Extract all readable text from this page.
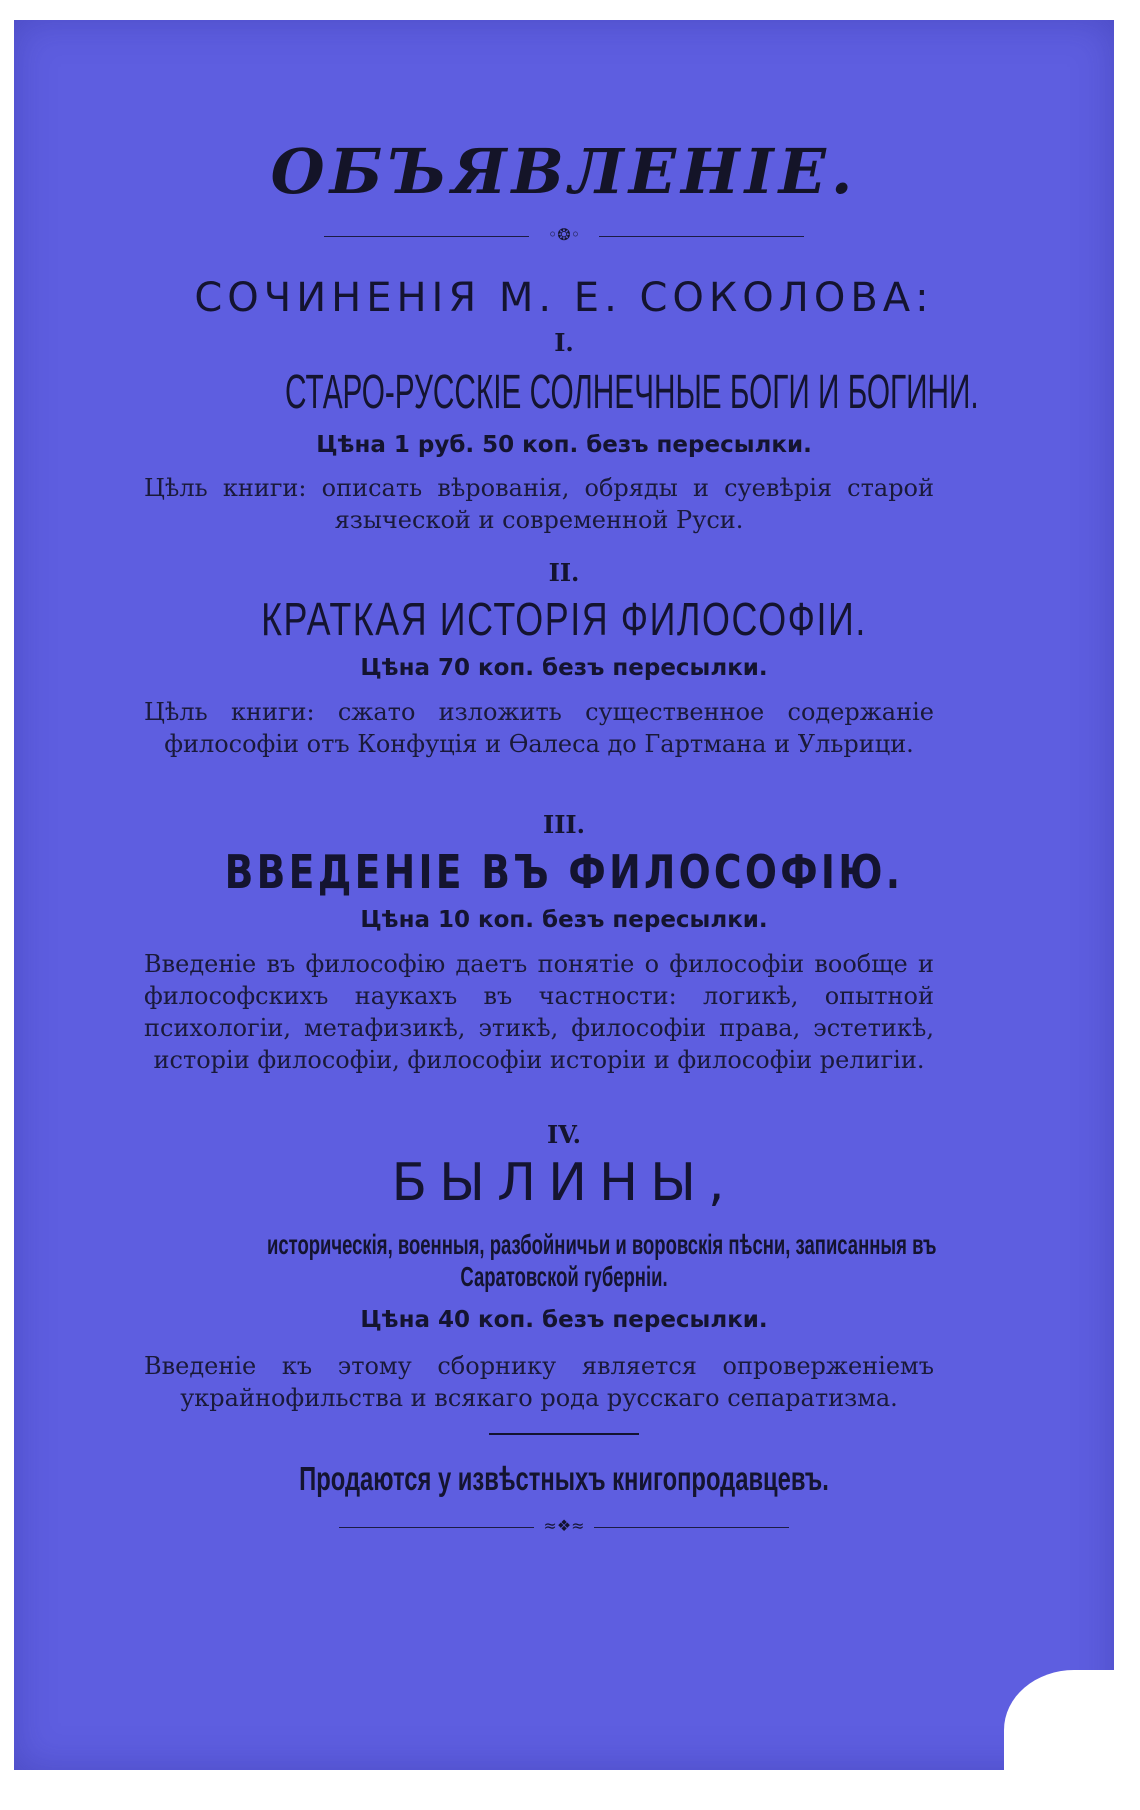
ОБЪЯВЛЕНІЕ.
◦❂◦
СОЧИНЕНІЯ М. Е. СОКОЛОВА:
I.
СТАРО-РУССКІЕ СОЛНЕЧНЫЕ БОГИ И БОГИНИ.
Цѣна 1 руб. 50 коп. безъ пересылки.
Цѣль книги: описать вѣрованія, обряды и суевѣрія старой языческой и современной Руси.
II.
КРАТКАЯ ИСТОРІЯ ФИЛОСОФІИ.
Цѣна 70 коп. безъ пересылки.
Цѣль книги: сжато изложить существенное содержаніе философіи отъ Конфуція и Ѳалеса до Гартмана и Ульрици.
III.
ВВЕДЕНІЕ ВЪ ФИЛОСОФІЮ.
Цѣна 10 коп. безъ пересылки.
Введеніе въ философію даетъ понятіе о философіи вообще и философскихъ наукахъ въ частности: логикѣ, опытной психологіи, метафизикѣ, этикѣ, философіи права, эстетикѣ, исторіи философіи, философіи исторіи и философіи религіи.
IV.
БЫЛИНЫ,
историческія, военныя, разбойничьи и воровскія пѣсни, записанныя въ
Саратовской губерніи.
Цѣна 40 коп. безъ пересылки.
Введеніе къ этому сборнику является опроверженіемъ украйнофильства и всякаго рода русскаго сепаратизма.
Продаются у извѣстныхъ книгопродавцевъ.
≈❖≈
